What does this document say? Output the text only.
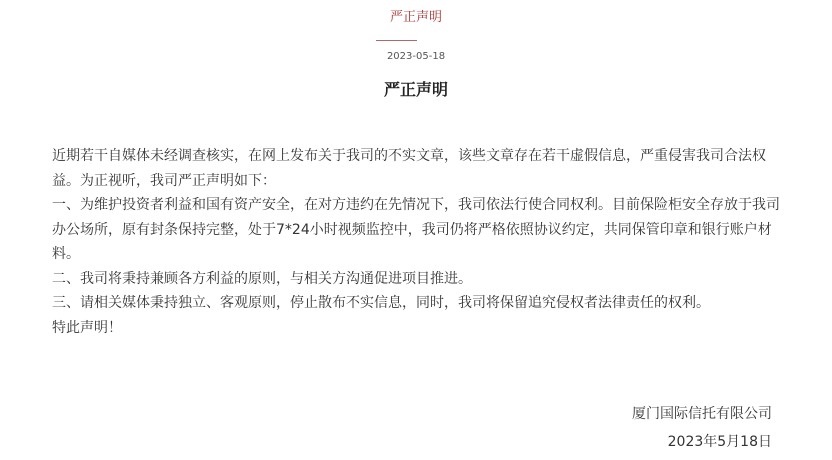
严正声明
2023-05-18
严正声明

近期若干自媒体未经调查核实，在网上发布关于我司的不实文章，该些文章存在若干虚假信息，严重侵害我司合法权益。为正视听，我司严正声明如下：

一、为维护投资者利益和国有资产安全，在对方违约在先情况下，我司依法行使合同权利。目前保险柜安全存放于我司办公场所，原有封条保持完整，处于7*24小时视频监控中，我司仍将严格依照协议约定，共同保管印章和银行账户材料。

二、我司将秉持兼顾各方利益的原则，与相关方沟通促进项目推进。

三、请相关媒体秉持独立、客观原则，停止散布不实信息，同时，我司将保留追究侵权者法律责任的权利。

特此声明！

厦门国际信托有限公司
2023年5月18日
